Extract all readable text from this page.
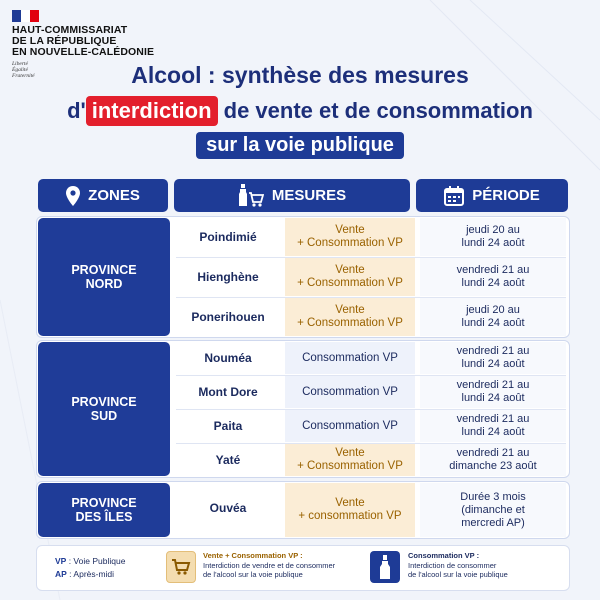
HAUT-COMMISSARIAT
DE LA RÉPUBLIQUE
EN NOUVELLE-CALÉDONIE
Liberté
Égalité
Fraternité	Alcool : synthèse des mesures
d' interdiction de vente et de consommation
sur la voie publique
ZONES	MESURES	PÉRIODE
PROVINCE
NORD
Poindimié	Vente
+ Consommation VP
jeudi 20 au
lundi 24 août
Hienghène	Vente
+ Consommation VP
vendredi 21 au
lundi 24 août
Ponerihouen	Vente
+ Consommation VP
jeudi 20 au
lundi 24 août
PROVINCE
SUD
Nouméa	Consommation VP
vendredi 21 au
lundi 24 août
Mont Dore	Consommation VP
vendredi 21 au
lundi 24 août
Paita	Consommation VP
vendredi 21 au
lundi 24 août
Yaté	Vente
+ Consommation VP
vendredi 21 au
dimanche 23 août
PROVINCE
DES ÎLES
Ouvéa	Vente
+ consommation VP
Durée 3 mois
(dimanche et
mercredi AP)
VP : Voie Publique
AP : Après-midi
Vente + Consommation VP :
Interdiction de vendre et de consommer
de l'alcool sur la voie publique
Consommation VP :
Interdiction de consommer
de l'alcool sur la voie publique
